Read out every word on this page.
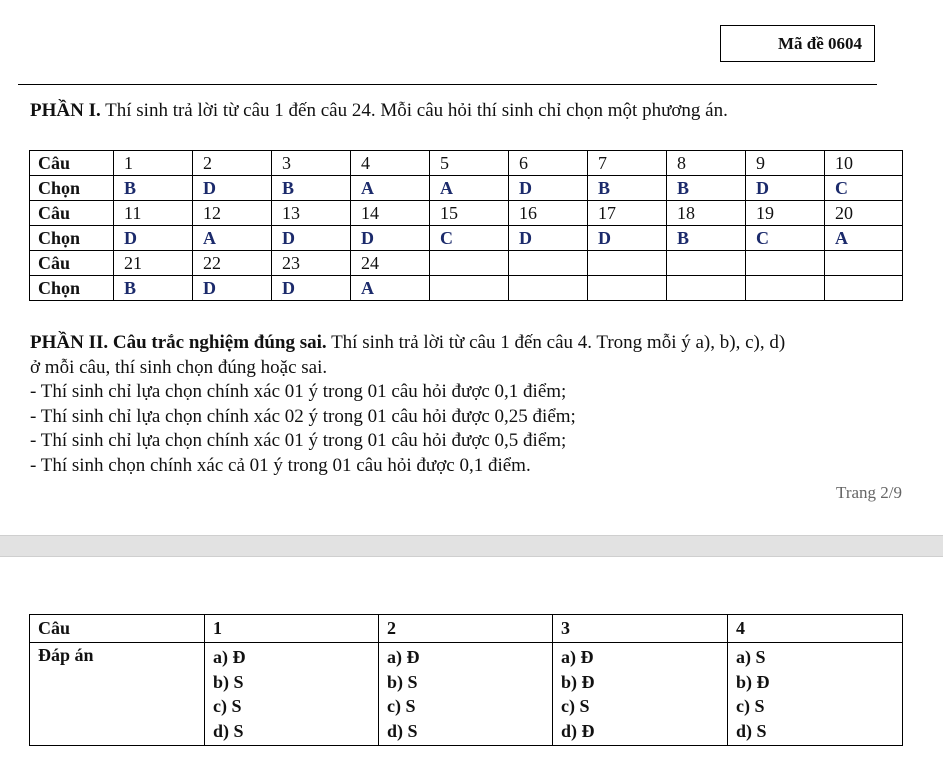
Mã đề 0604
PHẦN I. Thí sinh trả lời từ câu 1 đến câu 24. Mỗi câu hỏi thí sinh chỉ chọn một phương án.
Câu	1	2	3	4	5	6	7	8	9	10
Chọn	B	D	B	A	A	D	B	B	D	C
Câu	11	12	13	14	15	16	17	18	19	20
Chọn	D	A	D	D	C	D	D	B	C	A
Câu	21	22	23	24						
Chọn	B	D	D	A						
PHẦN II. Câu trắc nghiệm đúng sai. Thí sinh trả lời từ câu 1 đến câu 4. Trong mỗi ý a), b), c), d)
ở mỗi câu, thí sinh chọn đúng hoặc sai.
- Thí sinh chỉ lựa chọn chính xác 01 ý trong 01 câu hỏi được 0,1 điểm;
- Thí sinh chỉ lựa chọn chính xác 02 ý trong 01 câu hỏi được 0,25 điểm;
- Thí sinh chỉ lựa chọn chính xác 01 ý trong 01 câu hỏi được 0,5 điểm;
- Thí sinh chọn chính xác cả 01 ý trong 01 câu hỏi được 0,1 điểm.
Trang 2/9
Câu	1	2	3	4
Đáp án	a) Đ
b) S
c) S
d) S	a) Đ
b) S
c) S
d) S	a) Đ
b) Đ
c) S
d) Đ	a) S
b) Đ
c) S
d) S
